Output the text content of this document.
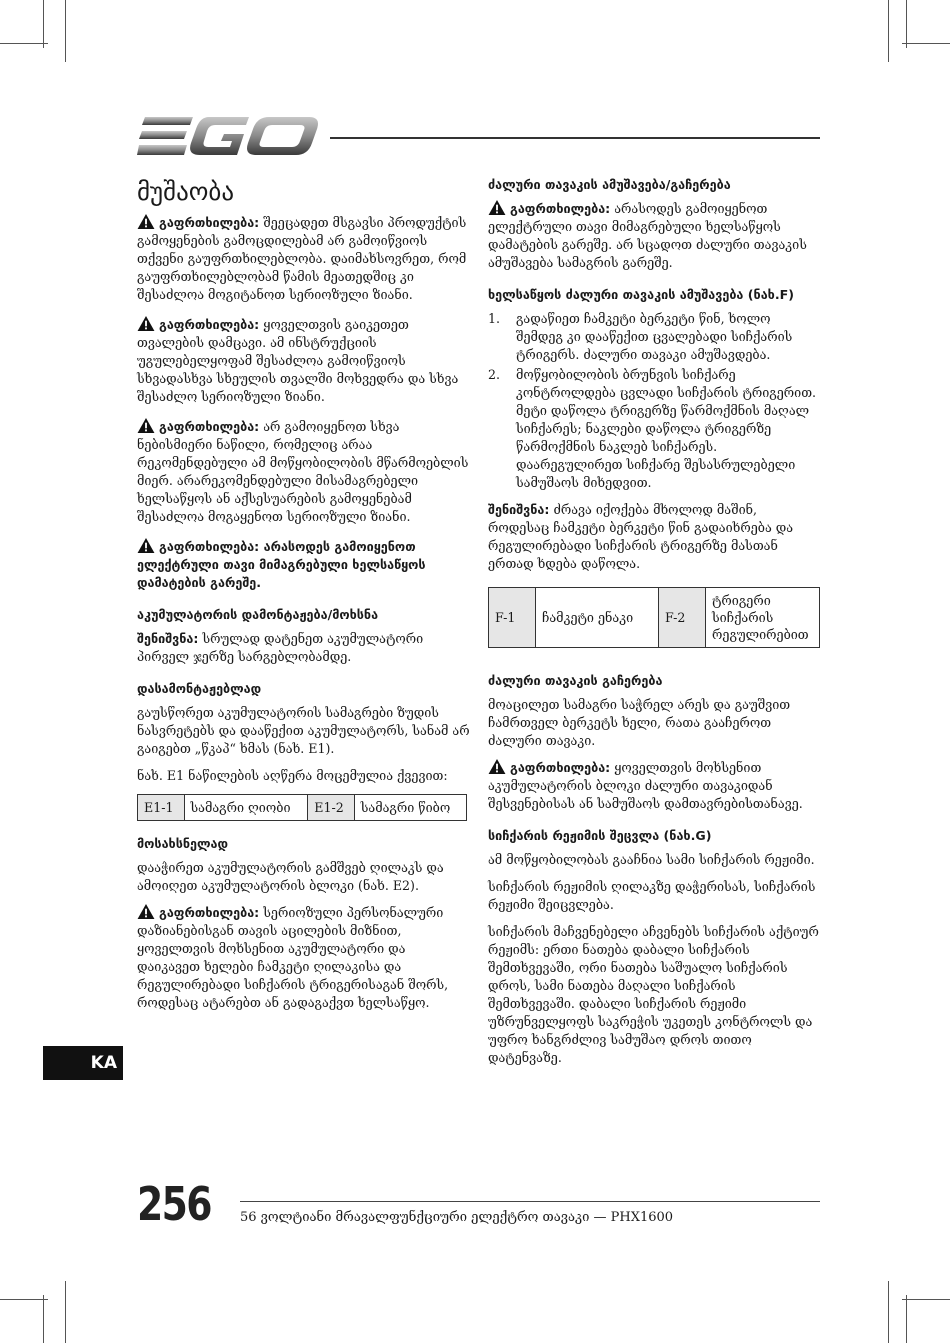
მუშაობა

გაფრთხილება: შეეცადეთ მსგავსი პროდუქტის გამოყენების გამოცდილებამ არ გამოიწვიოს თქვენი გაუფრთხილებლობა. დაიმახსოვრეთ, რომ გაუფრთხილებლობამ წამის მეათედშიც კი შესაძლოა მოგიტანოთ სერიოზული ზიანი.

გაფრთხილება: ყოველთვის გაიკეთეთ თვალების დამცავი. ამ ინსტრუქციის უგულებელყოფამ შესაძლოა გამოიწვიოს სხვადასხვა სხეულის თვალში მოხვედრა და სხვა შესაძლო სერიოზული ზიანი.

გაფრთხილება: არ გამოიყენოთ სხვა ნებისმიერი ნაწილი, რომელიც არაა რეკომენდებული ამ მოწყობილობის მწარმოებლის მიერ. არარეკომენდებული მისამაგრებელი ხელსაწყოს ან აქსესუარების გამოყენებამ შესაძლოა მოგაყენოთ სერიოზული ზიანი.

გაფრთხილება: არასოდეს გამოიყენოთ ელექტრული თავი მიმაგრებული ხელსაწყოს დამატების გარეშე.

აკუმულატორის დამონტაჟება/მოხსნა

შენიშვნა: სრულად დატენეთ აკუმულატორი პირველ ჯერზე სარგებლობამდე.

დასამონტაჟებლად

გაუსწორეთ აკუმულატორის სამაგრები ზუდის ნასვრეტებს და დააწექით აკუმულატორს, სანამ არ გაიგებთ „წკაპ“ ხმას (ნახ. E1).

ნახ. E1 ნაწილების აღწერა მოცემულია ქვევით:

E1-1	სამაგრი ღიობი	E1-2	სამაგრი წიბო
მოსახსნელად

დააჭირეთ აკუმულატორის გამშვებ ღილაკს და ამოიღეთ აკუმულატორის ბლოკი (ნახ. E2).

გაფრთხილება: სერიოზული პერსონალური დაზიანებისგან თავის აცილების მიზნით, ყოველთვის მოხსენით აკუმულატორი და დაიკავეთ ხელები ჩამკეტი ღილაკისა და რეგულირებადი სიჩქარის ტრიგერისაგან შორს, როდესაც ატარებთ ან გადაგაქვთ ხელსაწყო.

ძალური თავაკის ამუშავება/გაჩერება

გაფრთხილება: არასოდეს გამოიყენოთ ელექტრული თავი მიმაგრებული ხელსაწყოს დამატების გარეშე. არ სცადოთ ძალური თავაკის ამუშავება სამაგრის გარეშე.

ხელსაწყოს ძალური თავაკის ამუშავება (ნახ.F)
1. გადაწიეთ ჩამკეტი ბერკეტი წინ, ხოლო შემდეგ კი დააწექით ცვალებადი სიჩქარის ტრიგერს. ძალური თავაკი ამუშავდება.
2. მოწყობილობის ბრუნვის სიჩქარე კონტროლდება ცვლადი სიჩქარის ტრიგერით. მეტი დაწოლა ტრიგერზე წარმოქმნის მაღალ სიჩქარეს; ნაკლები დაწოლა ტრიგერზე წარმოქმნის ნაკლებ სიჩქარეს. დაარეგულირეთ სიჩქარე შესასრულებელი სამუშაოს მიხედვით.

შენიშვნა: ძრავა იქოქება მხოლოდ მაშინ, როდესაც ჩამკეტი ბერკეტი წინ გადაიხრება და რეგულირებადი სიჩქარის ტრიგერზე მასთან ერთად ხდება დაწოლა.

F-1	ჩამკეტი ენაკი	F-2	ტრიგერი სიჩქარის რეგულირებით
ძალური თავაკის გაჩერება

მოაცილეთ სამაგრი საჭრელ არეს და გაუშვით ჩამრთველ ბერკეტს ხელი, რათა გააჩეროთ ძალური თავაკი.

გაფრთხილება: ყოველთვის მოხსენით აკუმულატორის ბლოკი ძალური თავაკიდან შესვენებისას ან სამუშაოს დამთავრებისთანავე.

სიჩქარის რეჟიმის შეცვლა (ნახ.G)

ამ მოწყობილობას გააჩნია სამი სიჩქარის რეჟიმი.

სიჩქარის რეჟიმის ღილაკზე დაჭერისას, სიჩქარის რეჟიმი შეიცვლება.

სიჩქარის მაჩვენებელი აჩვენებს სიჩქარის აქტიურ რეჟიმს: ერთი ნათება დაბალი სიჩქარის შემთხვევაში, ორი ნათება საშუალო სიჩქარის დროს, სამი ნათება მაღალი სიჩქარის შემთხვევაში. დაბალი სიჩქარის რეჟიმი უზრუნველყოფს საკრეჭის უკეთეს კონტროლს და უფრო ხანგრძლივ სამუშაო დროს თითო დატენვაზე.

KA
256 56 ვოლტიანი მრავალფუნქციური ელექტრო თავაკი — PHX1600
